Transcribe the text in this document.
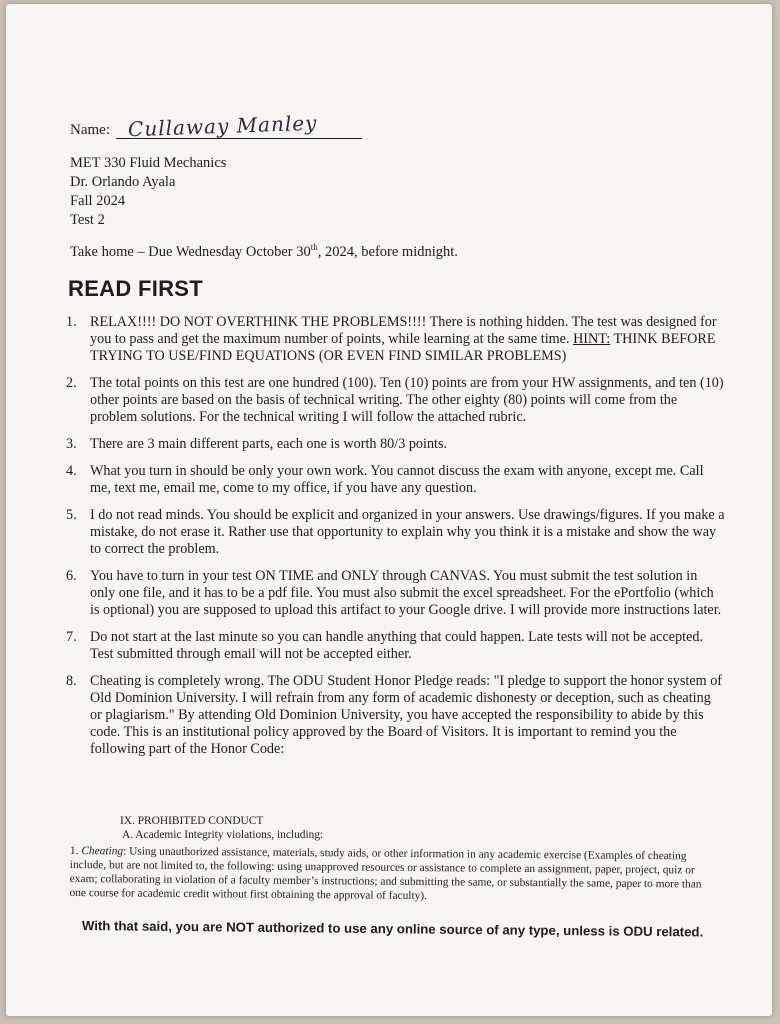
Name: Cullaway Manley
MET 330 Fluid Mechanics
Dr. Orlando Ayala
Fall 2024
Test 2
Take home – Due Wednesday October 30th, 2024, before midnight.
READ FIRST
1. RELAX!!!! DO NOT OVERTHINK THE PROBLEMS!!!! There is nothing hidden. The test was designed for you to pass and get the maximum number of points, while learning at the same time. HINT: THINK BEFORE TRYING TO USE/FIND EQUATIONS (OR EVEN FIND SIMILAR PROBLEMS)
2. The total points on this test are one hundred (100). Ten (10) points are from your HW assignments, and ten (10) other points are based on the basis of technical writing. The other eighty (80) points will come from the problem solutions. For the technical writing I will follow the attached rubric.
3. There are 3 main different parts, each one is worth 80/3 points.
4. What you turn in should be only your own work. You cannot discuss the exam with anyone, except me. Call me, text me, email me, come to my office, if you have any question.
5. I do not read minds. You should be explicit and organized in your answers. Use drawings/figures. If you make a mistake, do not erase it. Rather use that opportunity to explain why you think it is a mistake and show the way to correct the problem.
6. You have to turn in your test ON TIME and ONLY through CANVAS. You must submit the test solution in only one file, and it has to be a pdf file. You must also submit the excel spreadsheet. For the ePortfolio (which is optional) you are supposed to upload this artifact to your Google drive. I will provide more instructions later.
7. Do not start at the last minute so you can handle anything that could happen. Late tests will not be accepted. Test submitted through email will not be accepted either.
8. Cheating is completely wrong. The ODU Student Honor Pledge reads: "I pledge to support the honor system of Old Dominion University. I will refrain from any form of academic dishonesty or deception, such as cheating or plagiarism." By attending Old Dominion University, you have accepted the responsibility to abide by this code. This is an institutional policy approved by the Board of Visitors. It is important to remind you the following part of the Honor Code:
IX. PROHIBITED CONDUCT
A. Academic Integrity violations, including:
1. Cheating: Using unauthorized assistance, materials, study aids, or other information in any academic exercise (Examples of cheating include, but are not limited to, the following: using unapproved resources or assistance to complete an assignment, paper, project, quiz or exam; collaborating in violation of a faculty member’s instructions; and submitting the same, or substantially the same, paper to more than one course for academic credit without first obtaining the approval of faculty).
With that said, you are NOT authorized to use any online source of any type, unless is ODU related.
